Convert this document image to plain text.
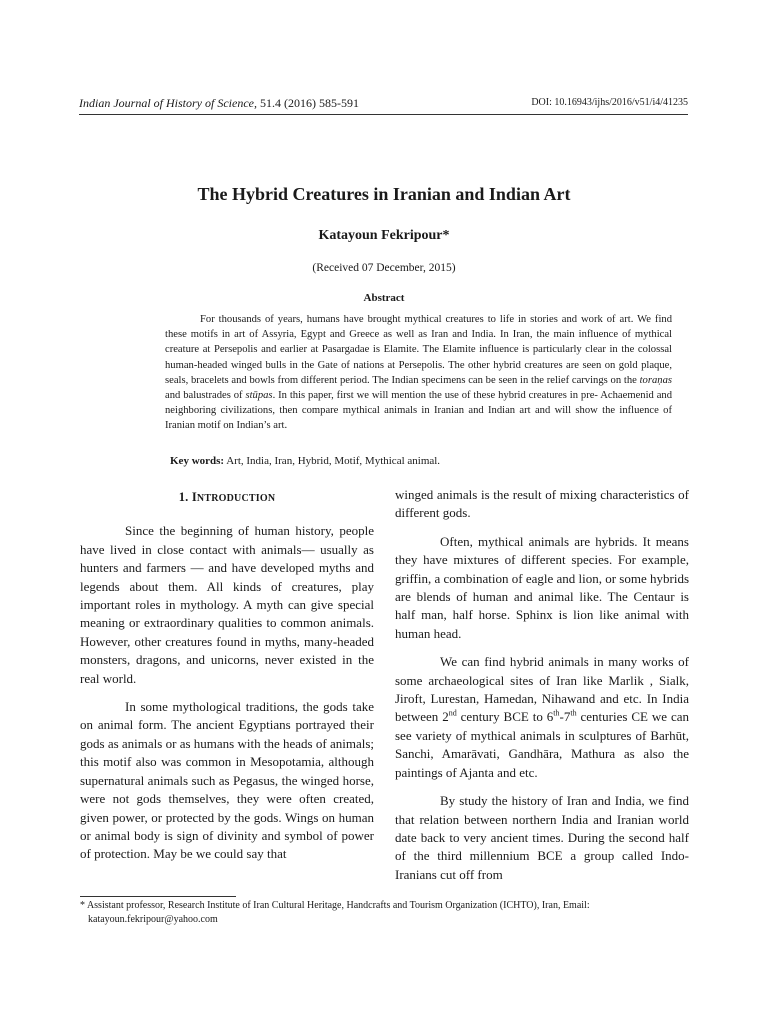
Indian Journal of History of Science, 51.4 (2016) 585-591	DOI: 10.16943/ijhs/2016/v51/i4/41235
The Hybrid Creatures in Iranian and Indian Art
Katayoun Fekripour*
(Received 07 December, 2015)
Abstract

For thousands of years, humans have brought mythical creatures to life in stories and work of art. We find these motifs in art of Assyria, Egypt and Greece as well as Iran and India. In Iran, the main influence of mythical creature at Persepolis and earlier at Pasargadae is Elamite. The Elamite influence is particularly clear in the colossal human-headed winged bulls in the Gate of nations at Persepolis. The other hybrid creatures are seen on gold plaque, seals, bracelets and bowls from different period. The Indian specimens can be seen in the relief carvings on the toraṇas and balustrades of stūpas. In this paper, first we will mention the use of these hybrid creatures in pre- Achaemenid and neighboring civilizations, then compare mythical animals in Iranian and Indian art and will show the influence of Iranian motif on Indian’s art.

Key words: Art, India, Iran, Hybrid, Motif, Mythical animal.
1. INTRODUCTION

Since the beginning of human history, people have lived in close contact with animals— usually as hunters and farmers — and have developed myths and legends about them. All kinds of creatures, play important roles in mythology. A myth can give special meaning or extraordinary qualities to common animals. However, other creatures found in myths, many-headed monsters, dragons, and unicorns, never existed in the real world.

In some mythological traditions, the gods take on animal form. The ancient Egyptians portrayed their gods as animals or as humans with the heads of animals; this motif also was common in Mesopotamia, although supernatural animals such as Pegasus, the winged horse, were not gods themselves, they were often created, given power, or protected by the gods. Wings on human or animal body is sign of divinity and symbol of power of protection. May be we could say that

winged animals is the result of mixing characteristics of different gods.

Often, mythical animals are hybrids. It means they have mixtures of different species. For example, griffin, a combination of eagle and lion, or some hybrids are blends of human and animal like. The Centaur is half man, half horse. Sphinx is lion like animal with human head.

We can find hybrid animals in many works of some archaeological sites of Iran like Marlik , Sialk, Jiroft, Lurestan, Hamedan, Nihawand and etc. In India between 2nd century BCE to 6th-7th centuries CE we can see variety of mythical animals in sculptures of Barhūt, Sanchi, Amarāvati, Gandhāra, Mathura as also the paintings of Ajanta and etc.

By study the history of Iran and India, we find that relation between northern India and Iranian world date back to very ancient times. During the second half of the third millennium BCE a group called Indo- Iranians cut off from

* Assistant professor, Research Institute of Iran Cultural Heritage, Handcrafts and Tourism Organization (ICHTO), Iran, Email:
katayoun.fekripour@yahoo.com
